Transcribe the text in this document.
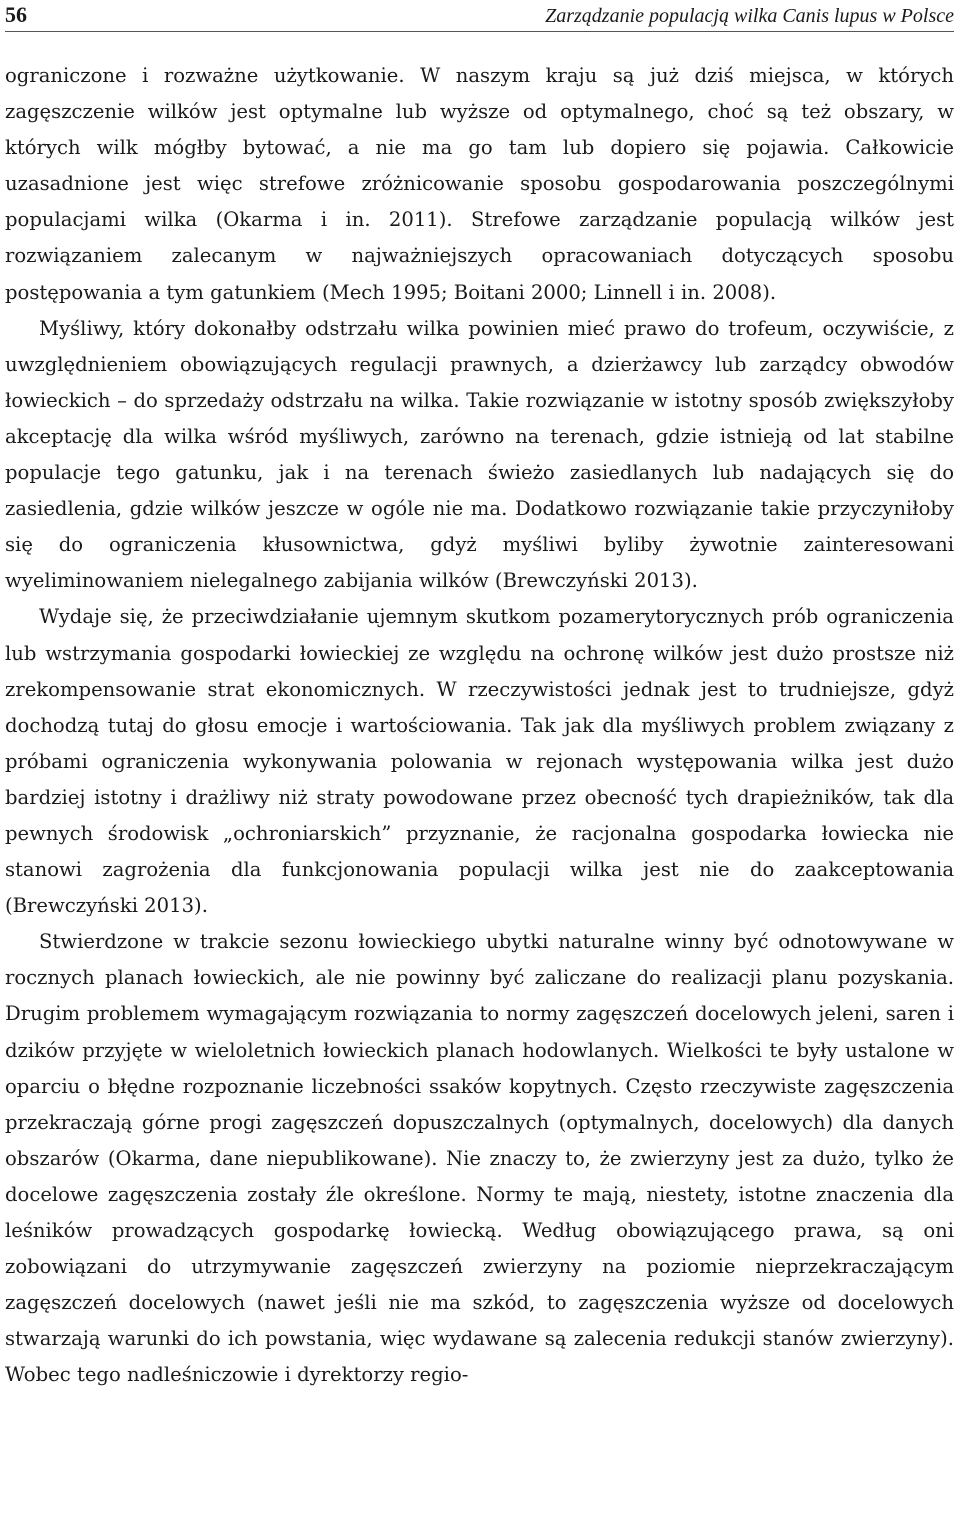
56	Zarządzanie populacją wilka Canis lupus w Polsce

ograniczone i rozważne użytkowanie. W naszym kraju są już dziś miejsca, w których zagęszczenie wilków jest optymalne lub wyższe od optymalnego, choć są też obszary, w których wilk mógłby bytować, a nie ma go tam lub dopiero się pojawia. Całkowicie uzasadnione jest więc strefowe zróżnicowanie sposobu gospodarowania poszczególnymi populacjami wilka (Okarma i in. 2011). Strefowe zarządzanie populacją wilków jest rozwiązaniem zalecanym w najważniejszych opracowaniach dotyczących sposobu postępowania a tym gatunkiem (Mech 1995; Boitani 2000; Linnell i in. 2008).

Myśliwy, który dokonałby odstrzału wilka powinien mieć prawo do trofeum, oczywiście, z uwzględnieniem obowiązujących regulacji prawnych, a dzierżawcy lub zarządcy obwodów łowieckich – do sprzedaży odstrzału na wilka. Takie rozwiązanie w istotny sposób zwiększyłoby akceptację dla wilka wśród myśliwych, zarówno na terenach, gdzie istnieją od lat stabilne populacje tego gatunku, jak i na terenach świeżo zasiedlanych lub nadających się do zasiedlenia, gdzie wilków jeszcze w ogóle nie ma. Dodatkowo rozwiązanie takie przyczyniłoby się do ograniczenia kłusownictwa, gdyż myśliwi byliby żywotnie zainteresowani wyeliminowaniem nielegalnego zabijania wilków (Brewczyński 2013).

Wydaje się, że przeciwdziałanie ujemnym skutkom pozamerytorycznych prób ograniczenia lub wstrzymania gospodarki łowieckiej ze względu na ochronę wilków jest dużo prostsze niż zrekompensowanie strat ekonomicznych. W rzeczywistości jednak jest to trudniejsze, gdyż dochodzą tutaj do głosu emocje i wartościowania. Tak jak dla myśliwych problem związany z próbami ograniczenia wykonywania polowania w rejonach występowania wilka jest dużo bardziej istotny i drażliwy niż straty powodowane przez obecność tych drapieżników, tak dla pewnych środowisk „ochroniarskich” przyznanie, że racjonalna gospodarka łowiecka nie stanowi zagrożenia dla funkcjonowania populacji wilka jest nie do zaakceptowania (Brewczyński 2013).

Stwierdzone w trakcie sezonu łowieckiego ubytki naturalne winny być odnotowywane w rocznych planach łowieckich, ale nie powinny być zaliczane do realizacji planu pozyskania. Drugim problemem wymagającym rozwiązania to normy zagęszczeń docelowych jeleni, saren i dzików przyjęte w wieloletnich łowieckich planach hodowlanych. Wielkości te były ustalone w oparciu o błędne rozpoznanie liczebności ssaków kopytnych. Często rzeczywiste zagęszczenia przekraczają górne progi zagęszczeń dopuszczalnych (optymalnych, docelowych) dla danych obszarów (Okarma, dane niepublikowane). Nie znaczy to, że zwierzyny jest za dużo, tylko że docelowe zagęszczenia zostały źle określone. Normy te mają, niestety, istotne znaczenia dla leśników prowadzących gospodarkę łowiecką. Według obowiązującego prawa, są oni zobowiązani do utrzymywanie zagęszczeń zwierzyny na poziomie nieprzekraczającym zagęszczeń docelowych (nawet jeśli nie ma szkód, to zagęszczenia wyższe od docelowych stwarzają warunki do ich powstania, więc wydawane są zalecenia redukcji stanów zwierzyny). Wobec tego nadleśniczowie i dyrektorzy regio-
